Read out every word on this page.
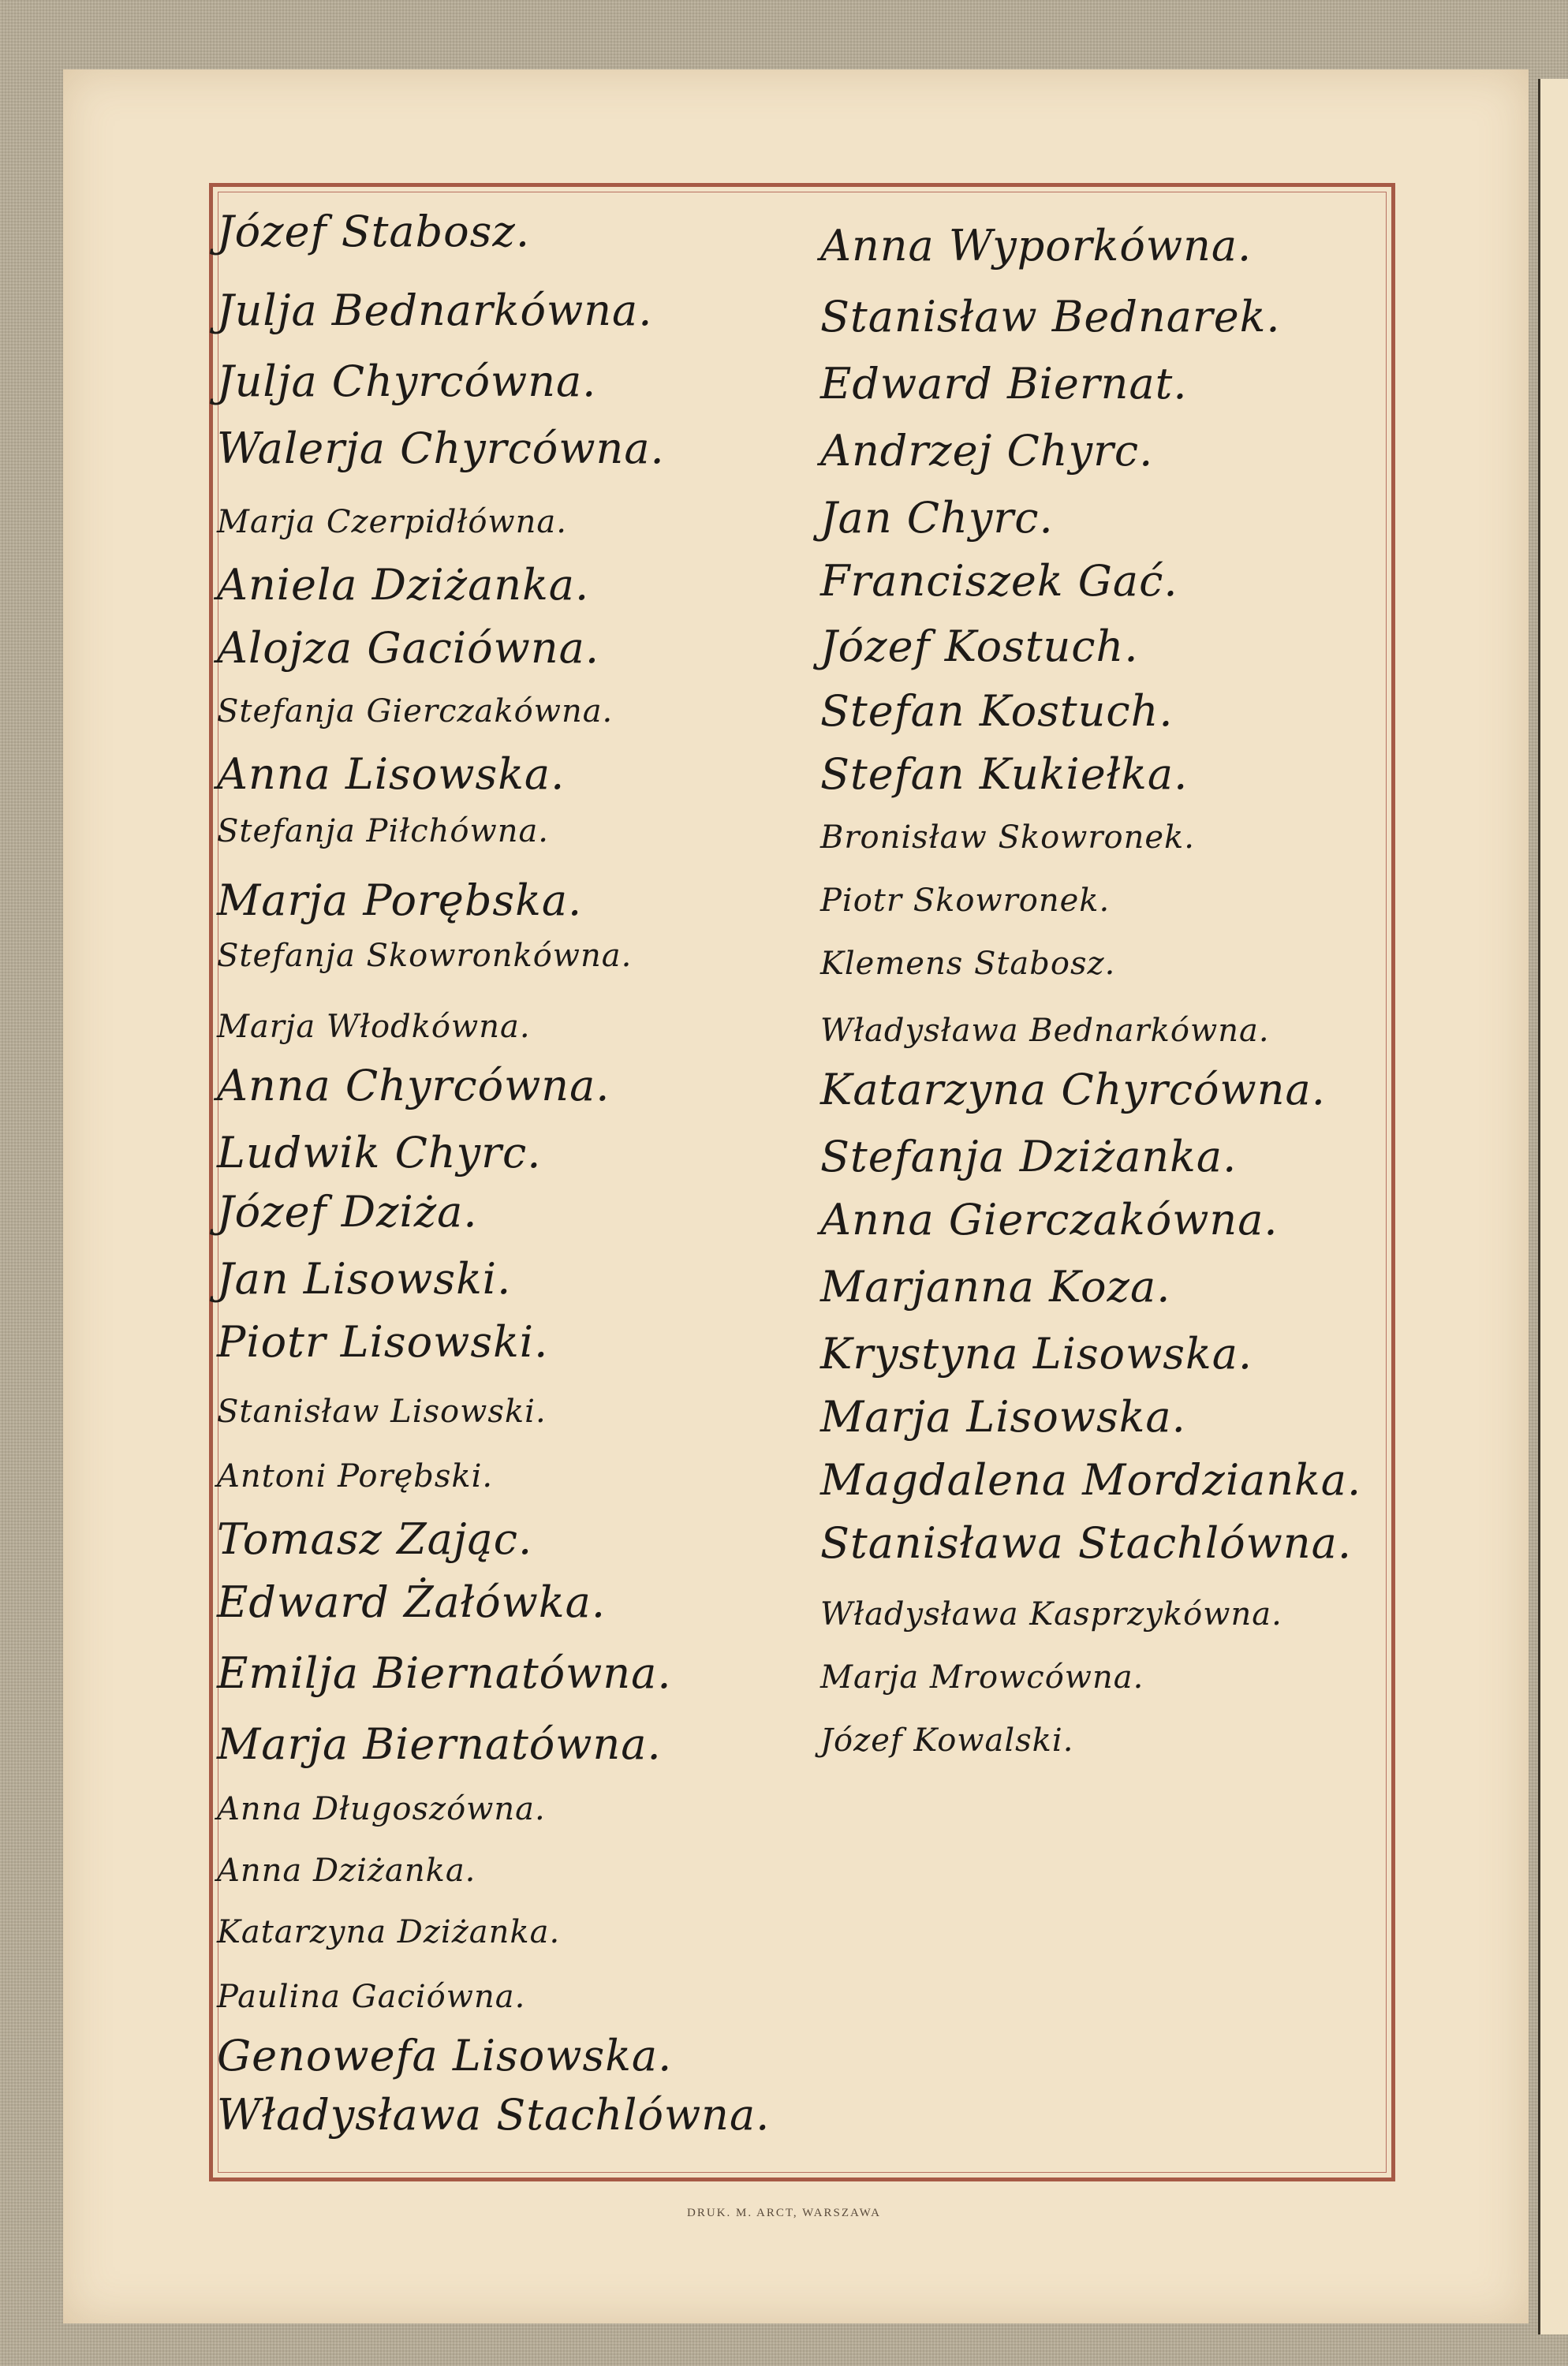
Józef Stabosz.
Julja Bednarkówna.
Julja Chyrcówna.
Walerja Chyrcówna.
Marja Czerpidłówna.
Aniela Dziżanka.
Alojza Gaciówna.
Stefanja Gierczakówna.
Anna Lisowska.
Stefanja Piłchówna.
Marja Porębska.
Stefanja Skowronkówna.
Marja Włodkówna.
Anna Chyrcówna.
Ludwik Chyrc.
Józef Dziża.
Jan Lisowski.
Piotr Lisowski.
Stanisław Lisowski.
Antoni Porębski.
Tomasz Zając.
Edward Żałówka.
Emilja Biernatówna.
Marja Biernatówna.
Anna Długoszówna.
Anna Dziżanka.
Katarzyna Dziżanka.
Paulina Gaciówna.
Genowefa Lisowska.
Władysława Stachlówna.
Anna Wyporkówna.
Stanisław Bednarek.
Edward Biernat.
Andrzej Chyrc.
Jan Chyrc.
Franciszek Gać.
Józef Kostuch.
Stefan Kostuch.
Stefan Kukiełka.
Bronisław Skowronek.
Piotr Skowronek.
Klemens Stabosz.
Władysława Bednarkówna.
Katarzyna Chyrcówna.
Stefanja Dziżanka.
Anna Gierczakówna.
Marjanna Koza.
Krystyna Lisowska.
Marja Lisowska.
Magdalena Mordzianka.
Stanisława Stachlówna.
Władysława Kasprzykówna.
Marja Mrowcówna.
Józef Kowalski.
DRUK. M. ARCT, WARSZAWA
